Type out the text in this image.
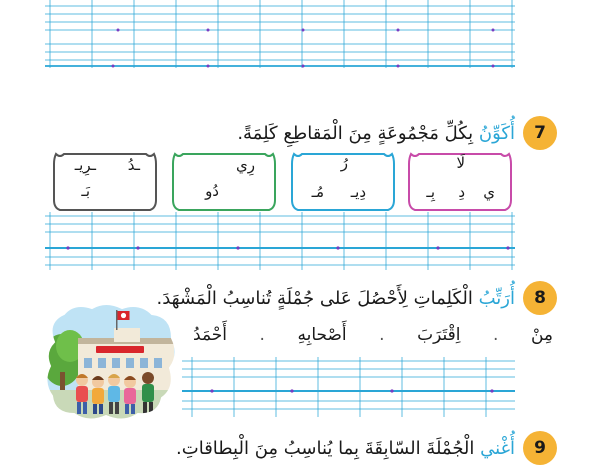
7
أُكَوِّنُ بِكُلِّ مَجْمُوعَةٍ مِنَ الْمَقاطِعِ كَلِمَةً.
لَا
بِـ دِ ي
رُ
دِيـ
مُـ
رِي
دُو
ـدُ
ـرِيـ
بَـ
8
أُرَتِّبُ الْكَلِماتِ لِأَحْصُلَ عَلى جُمْلَةٍ تُناسِبُ الْمَشْهَدَ.
مِنْ
.
اِقْتَرَبَ
.
أَصْحابِهِ
.
أَحْمَدُ
9
أُغْني الْجُمْلَةَ السّابِقَةَ بِما يُناسِبُ مِنَ الْبِطاقاتِ.
